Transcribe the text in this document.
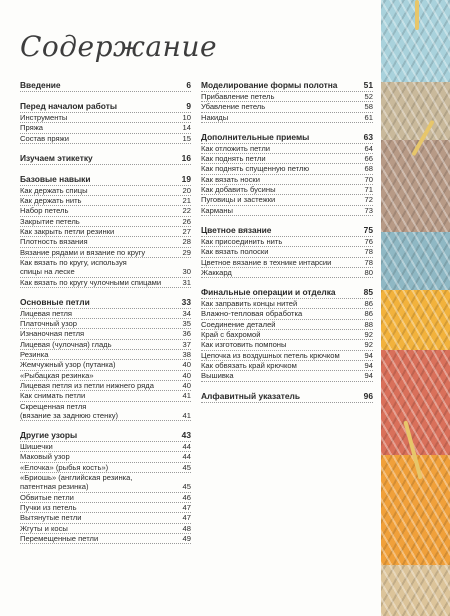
Содержание
Введение	6
Перед началом работы	9
Инструменты	10
Пряжа	14
Состав пряжи	15
Изучаем этикетку	16
Базовые навыки	19
Как держать спицы	20
Как держать нить	21
Набор петель	22
Закрытие петель	26
Как закрыть петли резинки	27
Плотность вязания	28
Вязание рядами и вязание по кругу	29
Как вязать по кругу, используя
спицы на леске	30
Как вязать по кругу чулочными спицами	31
Основные петли	33
Лицевая петля	34
Платочный узор	35
Изнаночная петля	36
Лицевая (чулочная) гладь	37
Резинка	38
Жемчужный узор (путанка)	40
«Рыбацкая резинка»	40
Лицевая петля из петли нижнего ряда	40
Как снимать петли	41
Скрещенная петля
(вязание за заднюю стенку)	41
Другие узоры	43
Шишечки	44
Маковый узор	44
«Елочка» (рыбья кость»)	45
«Бриошь» (английская резинка,
патентная резинка)	45
Обвитые петли	46
Пучки из петель	47
Вытянутые петли	47
Жгуты и косы	48
Перемещенные петли	49
Моделирование формы полотна	51
Прибавление петель	52
Убавление петель	58
Накиды	61
Дополнительные приемы	63
Как отложить петли	64
Как поднять петли	66
Как поднять спущенную петлю	68
Как вязать носки	70
Как добавить бусины	71
Пуговицы и застежки	72
Карманы	73
Цветное вязание	75
Как присоединить нить	76
Как вязать полоски	78
Цветное вязание в технике интарсии	78
Жаккард	80
Финальные операции и отделка	85
Как заправить концы нитей	86
Влажно-тепловая обработка	86
Соединение деталей	88
Край с бахромой	92
Как изготовить помпоны	92
Цепочка из воздушных петель крючком	94
Как обвязать край крючком	94
Вышивка	94
Алфавитный указатель	96
